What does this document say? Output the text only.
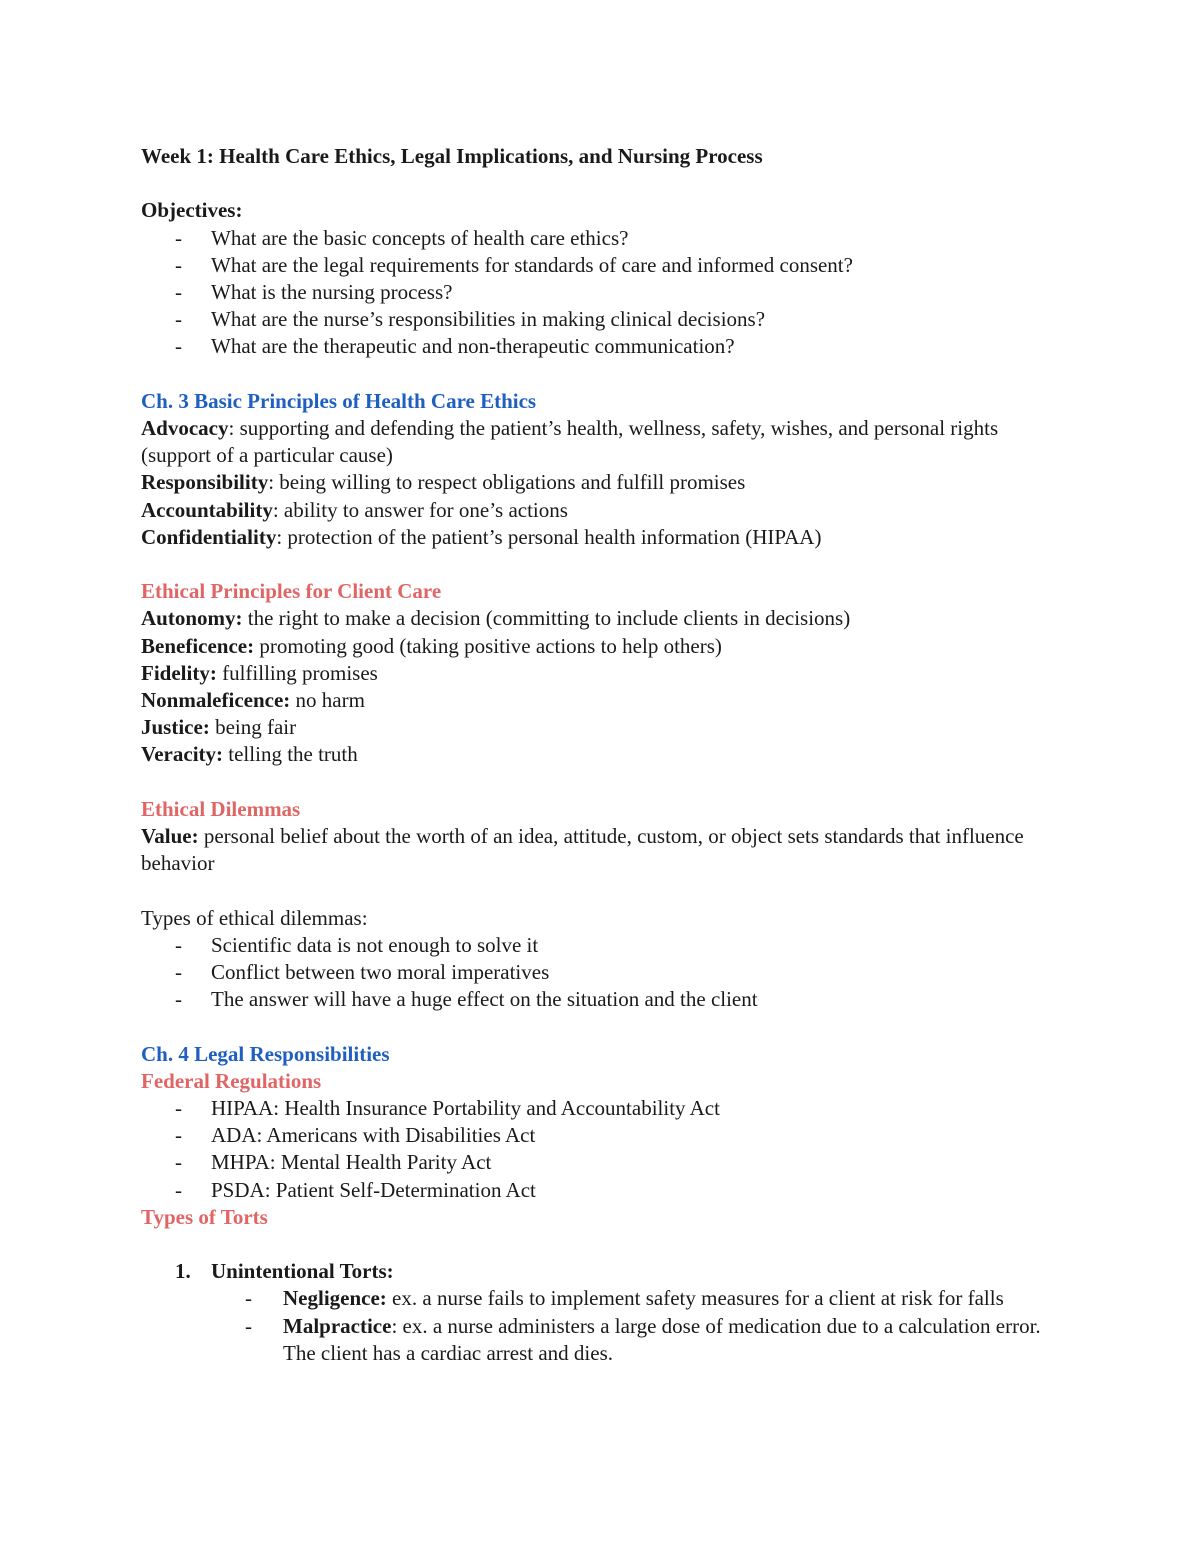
Week 1: Health Care Ethics, Legal Implications, and Nursing Process

Objectives:

- What are the basic concepts of health care ethics?
- What are the legal requirements for standards of care and informed consent?
- What is the nursing process?
- What are the nurse’s responsibilities in making clinical decisions?
- What are the therapeutic and non-therapeutic communication?

Ch. 3 Basic Principles of Health Care Ethics

Advocacy: supporting and defending the patient’s health, wellness, safety, wishes, and personal rights (support of a particular cause)

Responsibility: being willing to respect obligations and fulfill promises

Accountability: ability to answer for one’s actions

Confidentiality: protection of the patient’s personal health information (HIPAA)

Ethical Principles for Client Care

Autonomy: the right to make a decision (committing to include clients in decisions)

Beneficence: promoting good (taking positive actions to help others)

Fidelity: fulfilling promises

Nonmaleficence: no harm

Justice: being fair

Veracity: telling the truth

Ethical Dilemmas

Value: personal belief about the worth of an idea, attitude, custom, or object sets standards that influence behavior

Types of ethical dilemmas:

- Scientific data is not enough to solve it
- Conflict between two moral imperatives
- The answer will have a huge effect on the situation and the client

Ch. 4 Legal Responsibilities

Federal Regulations

- HIPAA: Health Insurance Portability and Accountability Act
- ADA: Americans with Disabilities Act
- MHPA: Mental Health Parity Act
- PSDA: Patient Self-Determination Act

Types of Torts

1. Unintentional Torts:
- Negligence: ex. a nurse fails to implement safety measures for a client at risk for falls
- Malpractice: ex. a nurse administers a large dose of medication due to a calculation error. The client has a cardiac arrest and dies.
